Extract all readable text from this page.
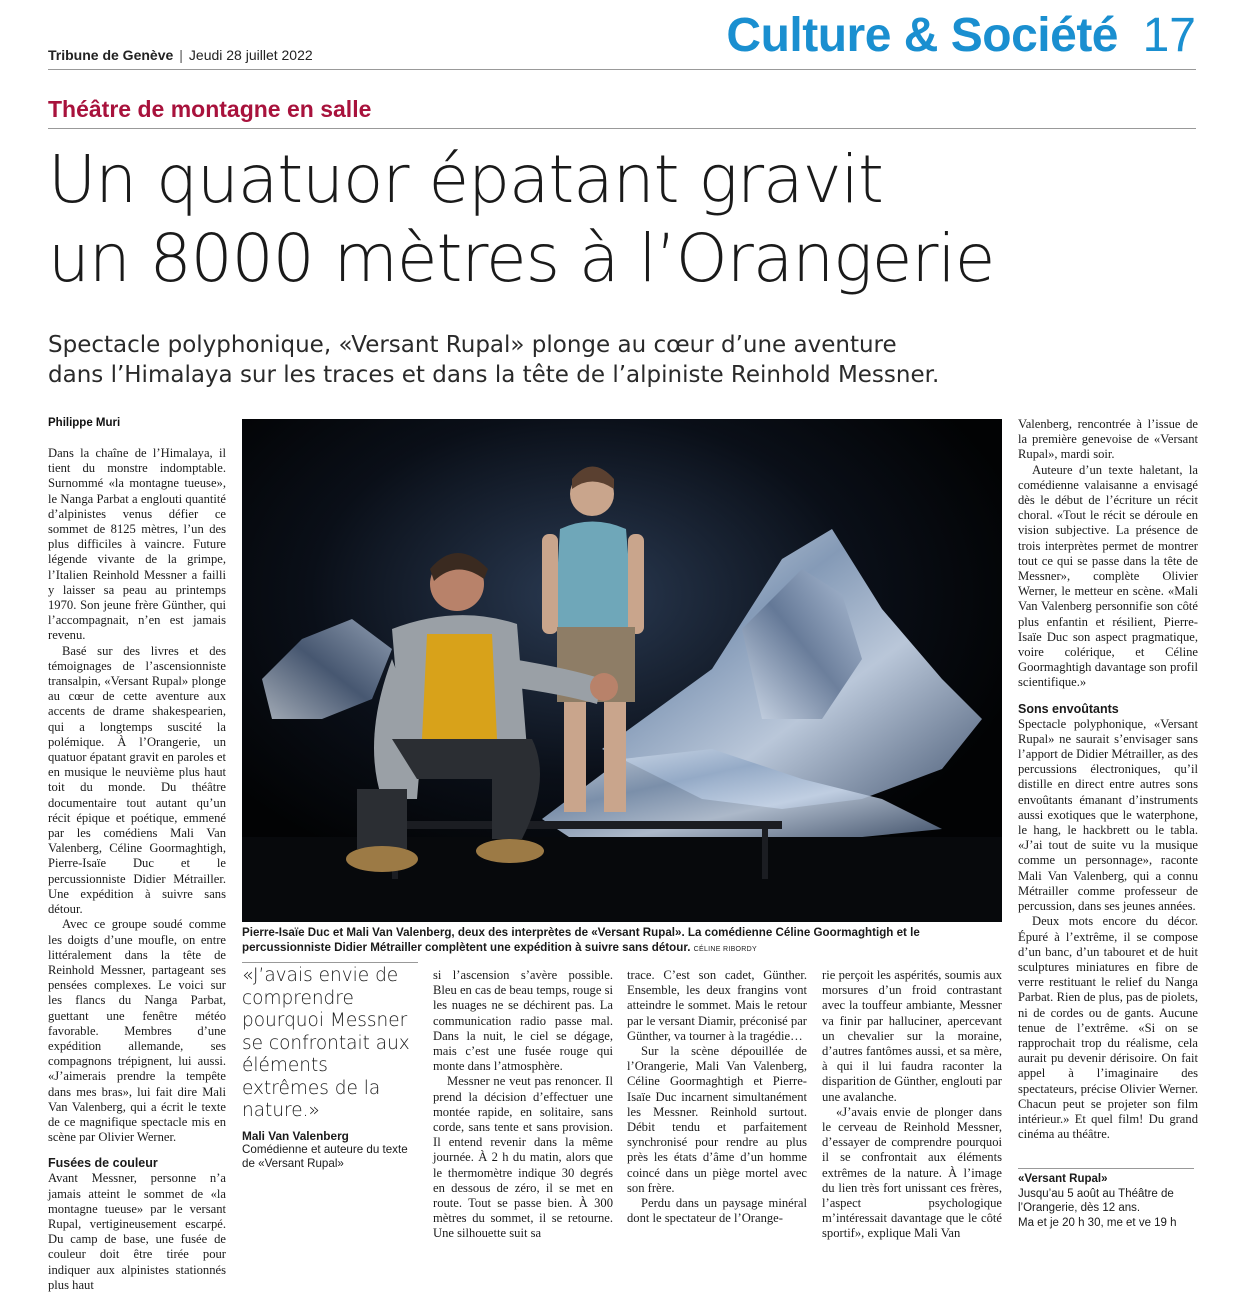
Tribune de Genève | Jeudi 28 juillet 2022	Culture & Société 17
Théâtre de montagne en salle
Un quatuor épatant gravit
un 8000 mètres à l’Orangerie
Spectacle polyphonique, «Versant Rupal» plonge au cœur d’une aventure
dans l’Himalaya sur les traces et dans la tête de l’alpiniste Reinhold Messner.
Philippe Muri

Dans la chaîne de l’Himalaya, il tient du monstre indomptable. Surnommé «la montagne tueuse», le Nanga Parbat a englouti quantité d’alpinistes venus défier ce sommet de 8125 mètres, l’un des plus difficiles à vaincre. Future légende vivante de la grimpe, l’Italien Reinhold Messner a failli y laisser sa peau au printemps 1970. Son jeune frère Günther, qui l’accompagnait, n’en est jamais revenu.

Basé sur des livres et des témoignages de l’ascensionniste transalpin, «Versant Rupal» plonge au cœur de cette aventure aux accents de drame shakespearien, qui a longtemps suscité la polémique. À l’Orangerie, un quatuor épatant gravit en paroles et en musique le neuvième plus haut toit du monde. Du théâtre documentaire tout autant qu’un récit épique et poétique, emmené par les comédiens Mali Van Valenberg, Céline Goormaghtigh, Pierre-Isaïe Duc et le percussionniste Didier Métrailler. Une expédition à suivre sans détour.

Avec ce groupe soudé comme les doigts d’une moufle, on entre littéralement dans la tête de Reinhold Messner, partageant ses pensées complexes. Le voici sur les flancs du Nanga Parbat, guettant une fenêtre météo favorable. Membres d’une expédition allemande, ses compagnons trépignent, lui aussi. «J’aimerais prendre la tempête dans mes bras», lui fait dire Mali Van Valenberg, qui a écrit le texte de ce magnifique spectacle mis en scène par Olivier Werner.

Fusées de couleur

Avant Messner, personne n’a jamais atteint le sommet de «la montagne tueuse» par le versant Rupal, vertigineusement escarpé. Du camp de base, une fusée de couleur doit être tirée pour indiquer aux alpinistes stationnés plus haut

Pierre-Isaïe Duc et Mali Van Valenberg, deux des interprètes de «Versant Rupal». La comédienne Céline Goormaghtigh et le percussionniste Didier Métrailler complètent une expédition à suivre sans détour. CÉLINE RIBORDY
«J’avais envie de comprendre pourquoi Messner se confrontait aux éléments extrêmes de la nature.»
Mali Van Valenberg
Comédienne et auteure du texte de «Versant Rupal»

si l’ascension s’avère possible. Bleu en cas de beau temps, rouge si les nuages ne se déchirent pas. La communication radio passe mal. Dans la nuit, le ciel se dégage, mais c’est une fusée rouge qui monte dans l’atmosphère.

Messner ne veut pas renoncer. Il prend la décision d’effectuer une montée rapide, en solitaire, sans corde, sans tente et sans provision. Il entend revenir dans la même journée. À 2 h du matin, alors que le thermomètre indique 30 degrés en dessous de zéro, il se met en route. Tout se passe bien. À 300 mètres du sommet, il se retourne. Une silhouette suit sa

trace. C’est son cadet, Günther. Ensemble, les deux frangins vont atteindre le sommet. Mais le retour par le versant Diamir, préconisé par Günther, va tourner à la tragédie…

Sur la scène dépouillée de l’Orangerie, Mali Van Valenberg, Céline Goormaghtigh et Pierre-Isaïe Duc incarnent simultanément les Messner. Reinhold surtout. Débit tendu et parfaitement synchronisé pour rendre au plus près les états d’âme d’un homme coincé dans un piège mortel avec son frère.

Perdu dans un paysage minéral dont le spectateur de l’Orange-

rie perçoit les aspérités, soumis aux morsures d’un froid contrastant avec la touffeur ambiante, Messner va finir par halluciner, apercevant un chevalier sur la moraine, d’autres fantômes aussi, et sa mère, à qui il lui faudra raconter la disparition de Günther, englouti par une avalanche.

«J’avais envie de plonger dans le cerveau de Reinhold Messner, d’essayer de comprendre pourquoi il se confrontait aux éléments extrêmes de la nature. À l’image du lien très fort unissant ces frères, l’aspect psychologique m’intéressait davantage que le côté sportif», explique Mali Van

Valenberg, rencontrée à l’issue de la première genevoise de «Versant Rupal», mardi soir.

Auteure d’un texte haletant, la comédienne valaisanne a envisagé dès le début de l’écriture un récit choral. «Tout le récit se déroule en vision subjective. La présence de trois interprètes permet de montrer tout ce qui se passe dans la tête de Messner», complète Olivier Werner, le metteur en scène. «Mali Van Valenberg personnifie son côté plus enfantin et résilient, Pierre-Isaïe Duc son aspect pragmatique, voire colérique, et Céline Goormaghtigh davantage son profil scientifique.»

Sons envoûtants

Spectacle polyphonique, «Versant Rupal» ne saurait s’envisager sans l’apport de Didier Métrailler, as des percussions électroniques, qu’il distille en direct entre autres sons envoûtants émanant d’instruments aussi exotiques que le waterphone, le hang, le hackbrett ou le tabla. «J’ai tout de suite vu la musique comme un personnage», raconte Mali Van Valenberg, qui a connu Métrailler comme professeur de percussion, dans ses jeunes années.

Deux mots encore du décor. Épuré à l’extrême, il se compose d’un banc, d’un tabouret et de huit sculptures miniatures en fibre de verre restituant le relief du Nanga Parbat. Rien de plus, pas de piolets, ni de cordes ou de gants. Aucune tenue de l’extrême. «Si on se rapprochait trop du réalisme, cela aurait pu devenir dérisoire. On fait appel à l’imaginaire des spectateurs, précise Olivier Werner. Chacun peut se projeter son film intérieur.» Et quel film! Du grand cinéma au théâtre.

«Versant Rupal»
Jusqu’au 5 août au Théâtre de l’Orangerie, dès 12 ans.
Ma et je 20 h 30, me et ve 19 h
